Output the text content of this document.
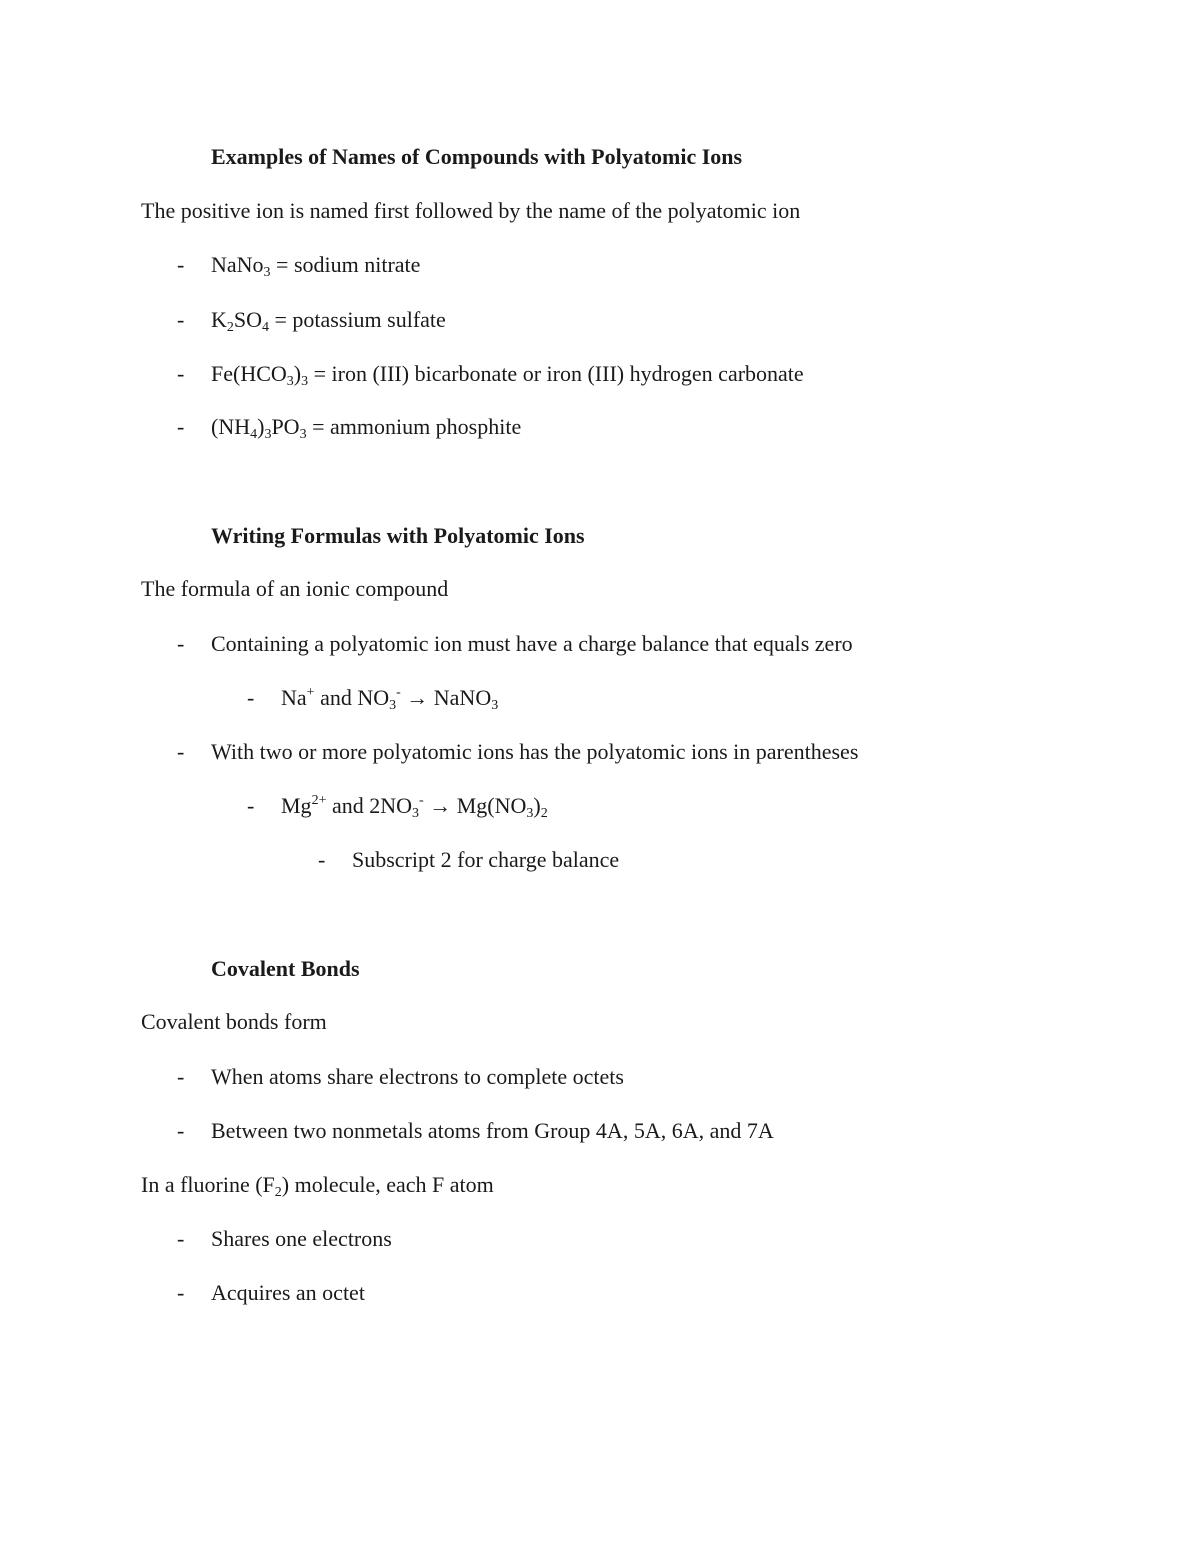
Examples of Names of Compounds with Polyatomic Ions
The positive ion is named first followed by the name of the polyatomic ion
- NaNo$_3$ = sodium nitrate
- $K_2SO_4$ = potassium sulfate
- $Fe(HCO_3)_3$ = iron (III) bicarbonate or iron (III) hydrogen carbonate
- $(NH_4)_3PO_3$ = ammonium phosphite
Writing Formulas with Polyatomic Ions
The formula of an ionic compound
- Containing a polyatomic ion must have a charge balance that equals zero
- Na+ and $NO_3^-$ → NaNO$_3$
- With two or more polyatomic ions has the polyatomic ions in parentheses
- $Mg^{2+}$ and $2NO_3^- \to Mg(NO_3)_2$
- Subscript 2 for charge balance
Covalent Bonds
Covalent bonds form
- When atoms share electrons to complete octets
- Between two nonmetals atoms from Group 4A, 5A, 6A, and 7A
In a fluorine $(F_2)$ molecule, each F atom
- Shares one electrons
- Acquires an octet
